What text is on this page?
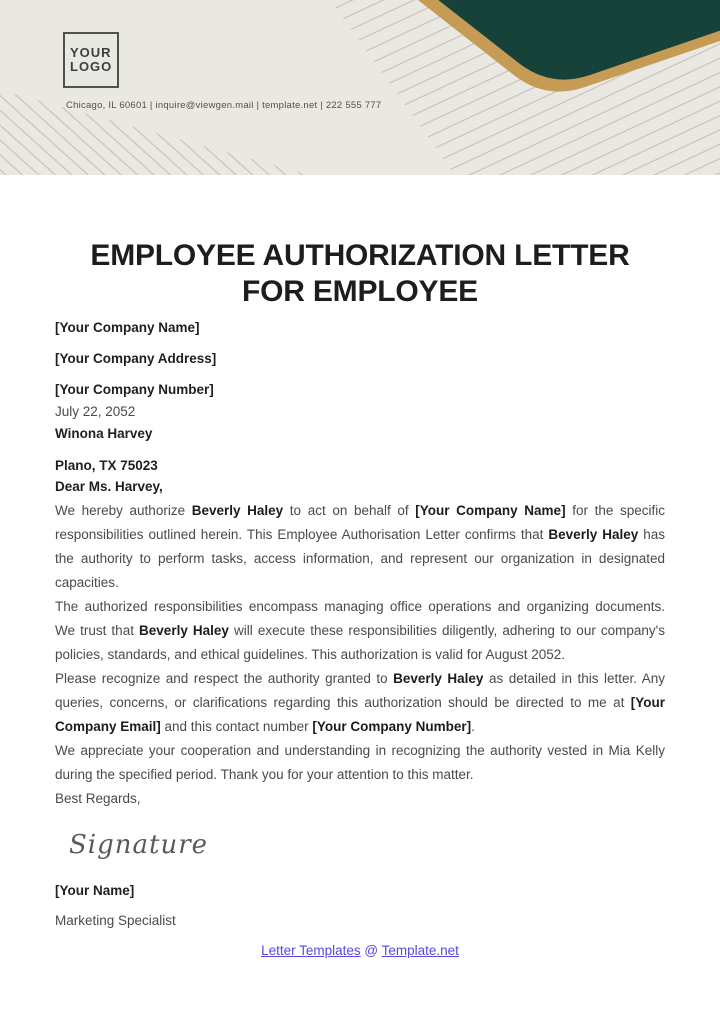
YOUR
LOGO
Chicago, IL 60601 | inquire@viewgen.mail | template.net | 222 555 777
EMPLOYEE AUTHORIZATION LETTER FOR EMPLOYEE

[Your Company Name]

[Your Company Address]

[Your Company Number]

July 22, 2052

Winona Harvey

Plano, TX 75023

Dear Ms. Harvey,

We hereby authorize Beverly Haley to act on behalf of [Your Company Name] for the specific responsibilities outlined herein. This Employee Authorisation Letter confirms that Beverly Haley has the authority to perform tasks, access information, and represent our organization in designated capacities.

The authorized responsibilities encompass managing office operations and organizing documents. We trust that Beverly Haley will execute these responsibilities diligently, adhering to our company's policies, standards, and ethical guidelines. This authorization is valid for August 2052.

Please recognize and respect the authority granted to Beverly Haley as detailed in this letter. Any queries, concerns, or clarifications regarding this authorization should be directed to me at [Your Company Email] and this contact number [Your Company Number].

We appreciate your cooperation and understanding in recognizing the authority vested in Mia Kelly during the specified period. Thank you for your attention to this matter.

Best Regards,

Signature

[Your Name]

Marketing Specialist

Letter Templates @ Template.net
